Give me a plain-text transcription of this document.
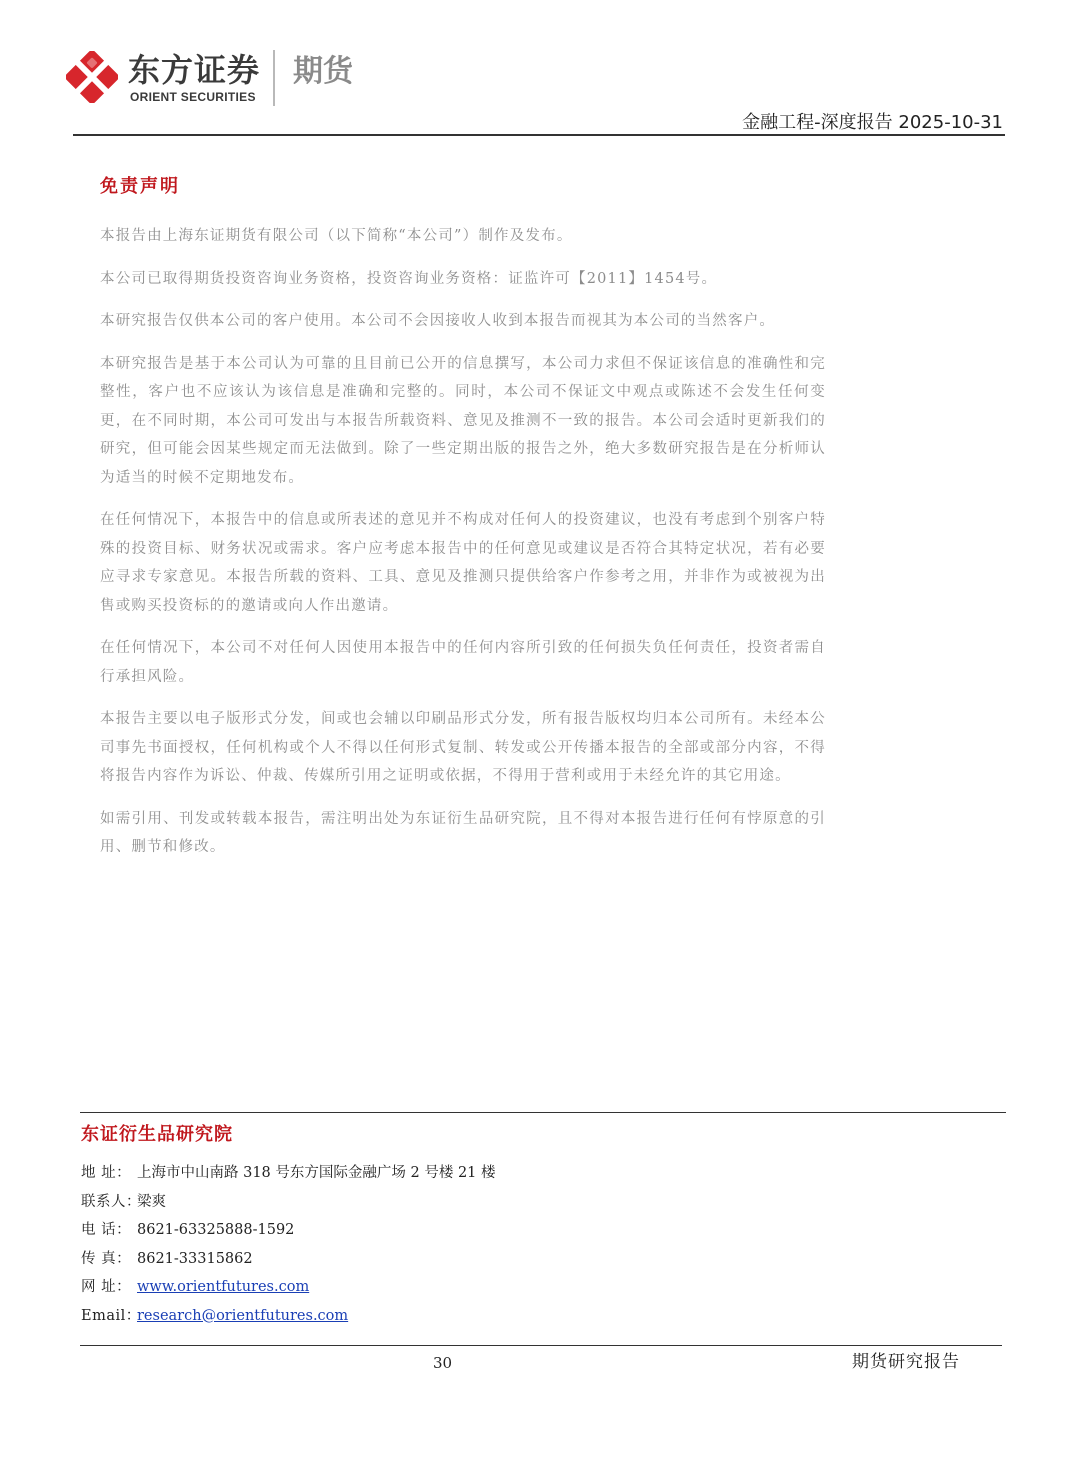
东方证券
ORIENT SECURITIES
期货
金融工程-深度报告 2025-10-31
免责声明

本报告由上海东证期货有限公司（以下简称“本公司”）制作及发布。

本公司已取得期货投资咨询业务资格，投资咨询业务资格：证监许可【2011】1454号。

本研究报告仅供本公司的客户使用。本公司不会因接收人收到本报告而视其为本公司的当然客户。

本研究报告是基于本公司认为可靠的且目前已公开的信息撰写，本公司力求但不保证该信息的准确性和完整性，客户也不应该认为该信息是准确和完整的。同时，本公司不保证文中观点或陈述不会发生任何变更，在不同时期，本公司可发出与本报告所载资料、意见及推测不一致的报告。本公司会适时更新我们的研究，但可能会因某些规定而无法做到。除了一些定期出版的报告之外，绝大多数研究报告是在分析师认为适当的时候不定期地发布。

在任何情况下，本报告中的信息或所表述的意见并不构成对任何人的投资建议，也没有考虑到个别客户特殊的投资目标、财务状况或需求。客户应考虑本报告中的任何意见或建议是否符合其特定状况，若有必要应寻求专家意见。本报告所载的资料、工具、意见及推测只提供给客户作参考之用，并非作为或被视为出售或购买投资标的的邀请或向人作出邀请。

在任何情况下，本公司不对任何人因使用本报告中的任何内容所引致的任何损失负任何责任，投资者需自行承担风险。

本报告主要以电子版形式分发，间或也会辅以印刷品形式分发，所有报告版权均归本公司所有。未经本公司事先书面授权，任何机构或个人不得以任何形式复制、转发或公开传播本报告的全部或部分内容，不得将报告内容作为诉讼、仲裁、传媒所引用之证明或依据，不得用于营利或用于未经允许的其它用途。

如需引用、刊发或转载本报告，需注明出处为东证衍生品研究院，且不得对本报告进行任何有悖原意的引用、删节和修改。

东证衍生品研究院
地 址： 上海市中山南路 318 号东方国际金融广场 2 号楼 21 楼
联系人：梁爽
电 话： 8621-63325888-1592
传 真： 8621-33315862
网 址： www.orientfutures.com
Email：research@orientfutures.com
30	期货研究报告
